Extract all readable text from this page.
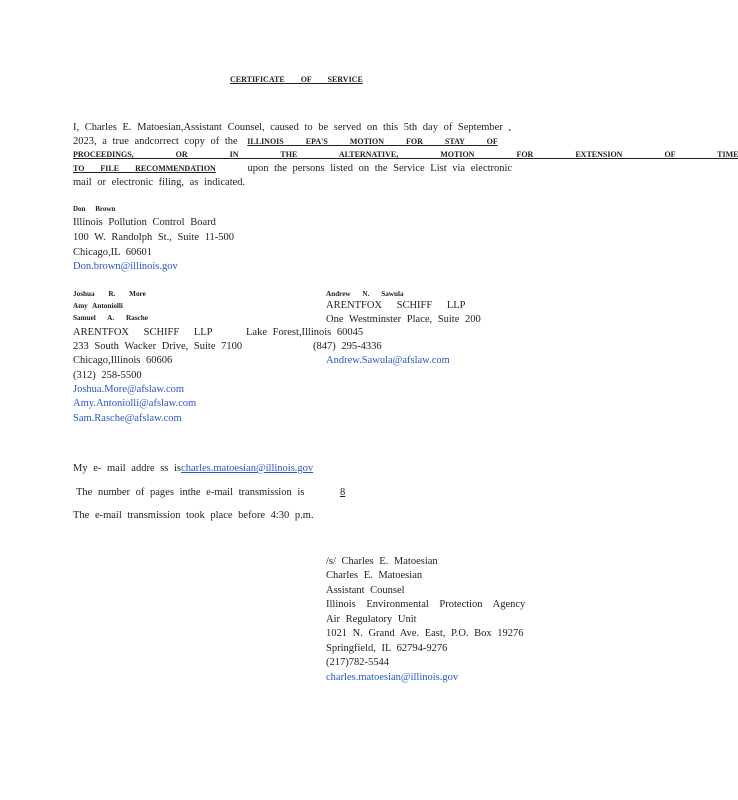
CERTIFICATE OF SERVICE
I, Charles E. Matoesian,Assistant Counsel, caused to be served on this 5th day of September ,
2023, a true andcorrect copy of the ILLINOIS EPA'S MOTION FOR STAY OF
PROCEEDINGS, OR IN THE ALTERNATIVE, MOTION FOR EXTENSION OF TIME
TO FILE RECOMMENDATION	upon the persons listed on the Service List via electronic
mail or electronic filing, as indicated.
Don Brown
Illinois Pollution Control Board
100 W. Randolph St., Suite 11-500
Chicago,IL 60601
Don.brown@illinois.gov
Joshua R. More
Amy Antoniolli
Samuel A. Rasche
ARENTFOX SCHIFF LLP
233 South Wacker Drive, Suite 7100
Chicago,Illinois 60606
(312) 258-5500
Joshua.More@afslaw.com
Amy.Antoniolli@afslaw.com
Sam.Rasche@afslaw.com
Andrew N. Sawula
ARENTFOX SCHIFF LLP
One Westminster Place, Suite 200
Lake Forest,Illinois 60045
(847) 295-4336
Andrew.Sawula@afslaw.com
My e- mail addre ss ischarles.matoesian@illinois.gov
The number of pages inthe e-mail transmission is	8
The e-mail transmission took place before 4:30 p.m.
/s/ Charles E. Matoesian
Charles E. Matoesian
Assistant Counsel
Illinois Environmental Protection Agency
Air Regulatory Unit
1021 N. Grand Ave. East, P.O. Box 19276
Springfield, IL 62794-9276
(217)782-5544
charles.matoesian@illinois.gov
